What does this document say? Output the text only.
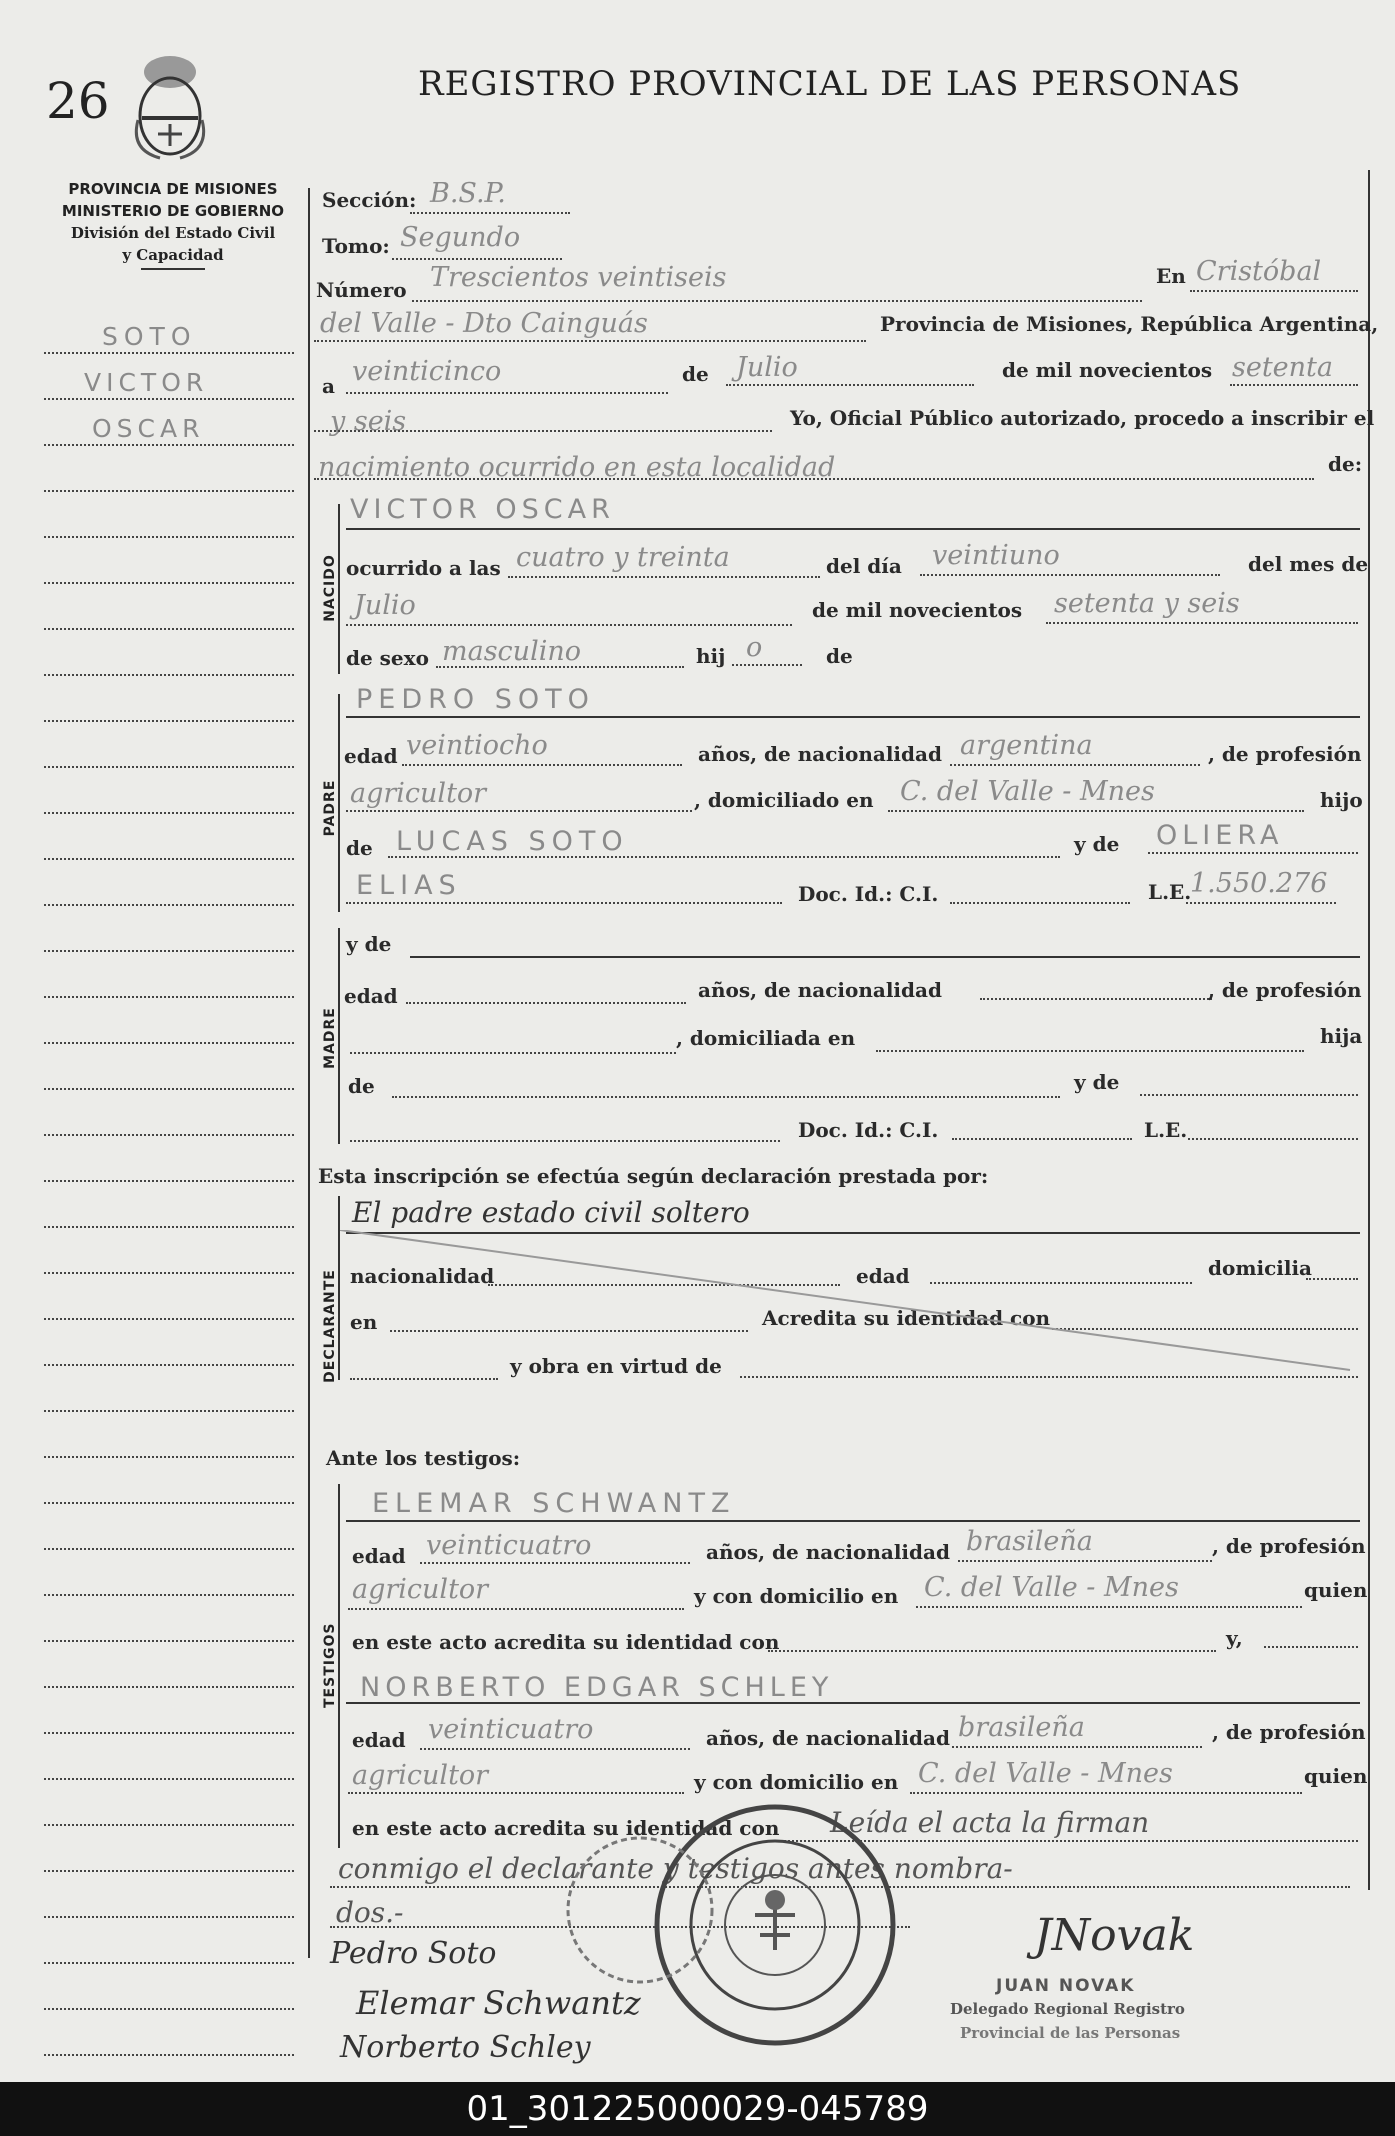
26	REGISTRO PROVINCIAL DE LAS PERSONAS
PROVINCIA DE MISIONES
MINISTERIO DE GOBIERNO
División del Estado Civil
y Capacidad
SOTO
VICTOR
OSCAR
Sección: B.S.P.
Tomo: Segundo
Número Trescientos veintiseis	En Cristóbal
del Valle - Dto Cainguás	Provincia de Misiones, República Argentina,
a veinticinco	de Julio	de mil novecientos setenta
y seis	Yo, Oficial Público autorizado, procedo a inscribir el
nacimiento ocurrido en esta localidad	de:
NACIDO
VICTOR OSCAR
ocurrido a las cuatro y treinta	del día veintiuno	del mes de
Julio	de mil novecientos setenta y seis
de sexo masculino	hij o	de
PADRE
PEDRO SOTO
edad veintiocho	años, de nacionalidad argentina	, de profesión
agricultor	, domiciliado en C. del Valle - Mnes	hijo
de LUCAS SOTO	y de OLIERA
ELIAS	Doc. Id.: C.I.	L.E.
1.550.276
MADRE
y de
edad	años, de nacionalidad	, de profesión
, domiciliada en	hija
de	y de
Doc. Id.: C.I.	L.E.
Esta inscripción se efectúa según declaración prestada por:
DECLARANTE
El padre estado civil soltero
nacionalidad	edad	domicilia
en	Acredita su identidad con
y obra en virtud de
Ante los testigos:
TESTIGOS
ELEMAR SCHWANTZ
edad veinticuatro	años, de nacionalidad brasileña	, de profesión
agricultor	y con domicilio en C. del Valle - Mnes	quien
en este acto acredita su identidad con	y,
NORBERTO EDGAR SCHLEY
edad veinticuatro	años, de nacionalidad brasileña	, de profesión
agricultor	y con domicilio en C. del Valle - Mnes	quien
en este acto acredita su identidad con Leída el acta la firman
conmigo el declarante y testigos antes nombra-
dos.-
Pedro Soto
Elemar Schwantz
Norberto Schley
JNovak
JUAN NOVAK
Delegado Regional Registro
Provincial de las Personas
01_301225000029-045789
